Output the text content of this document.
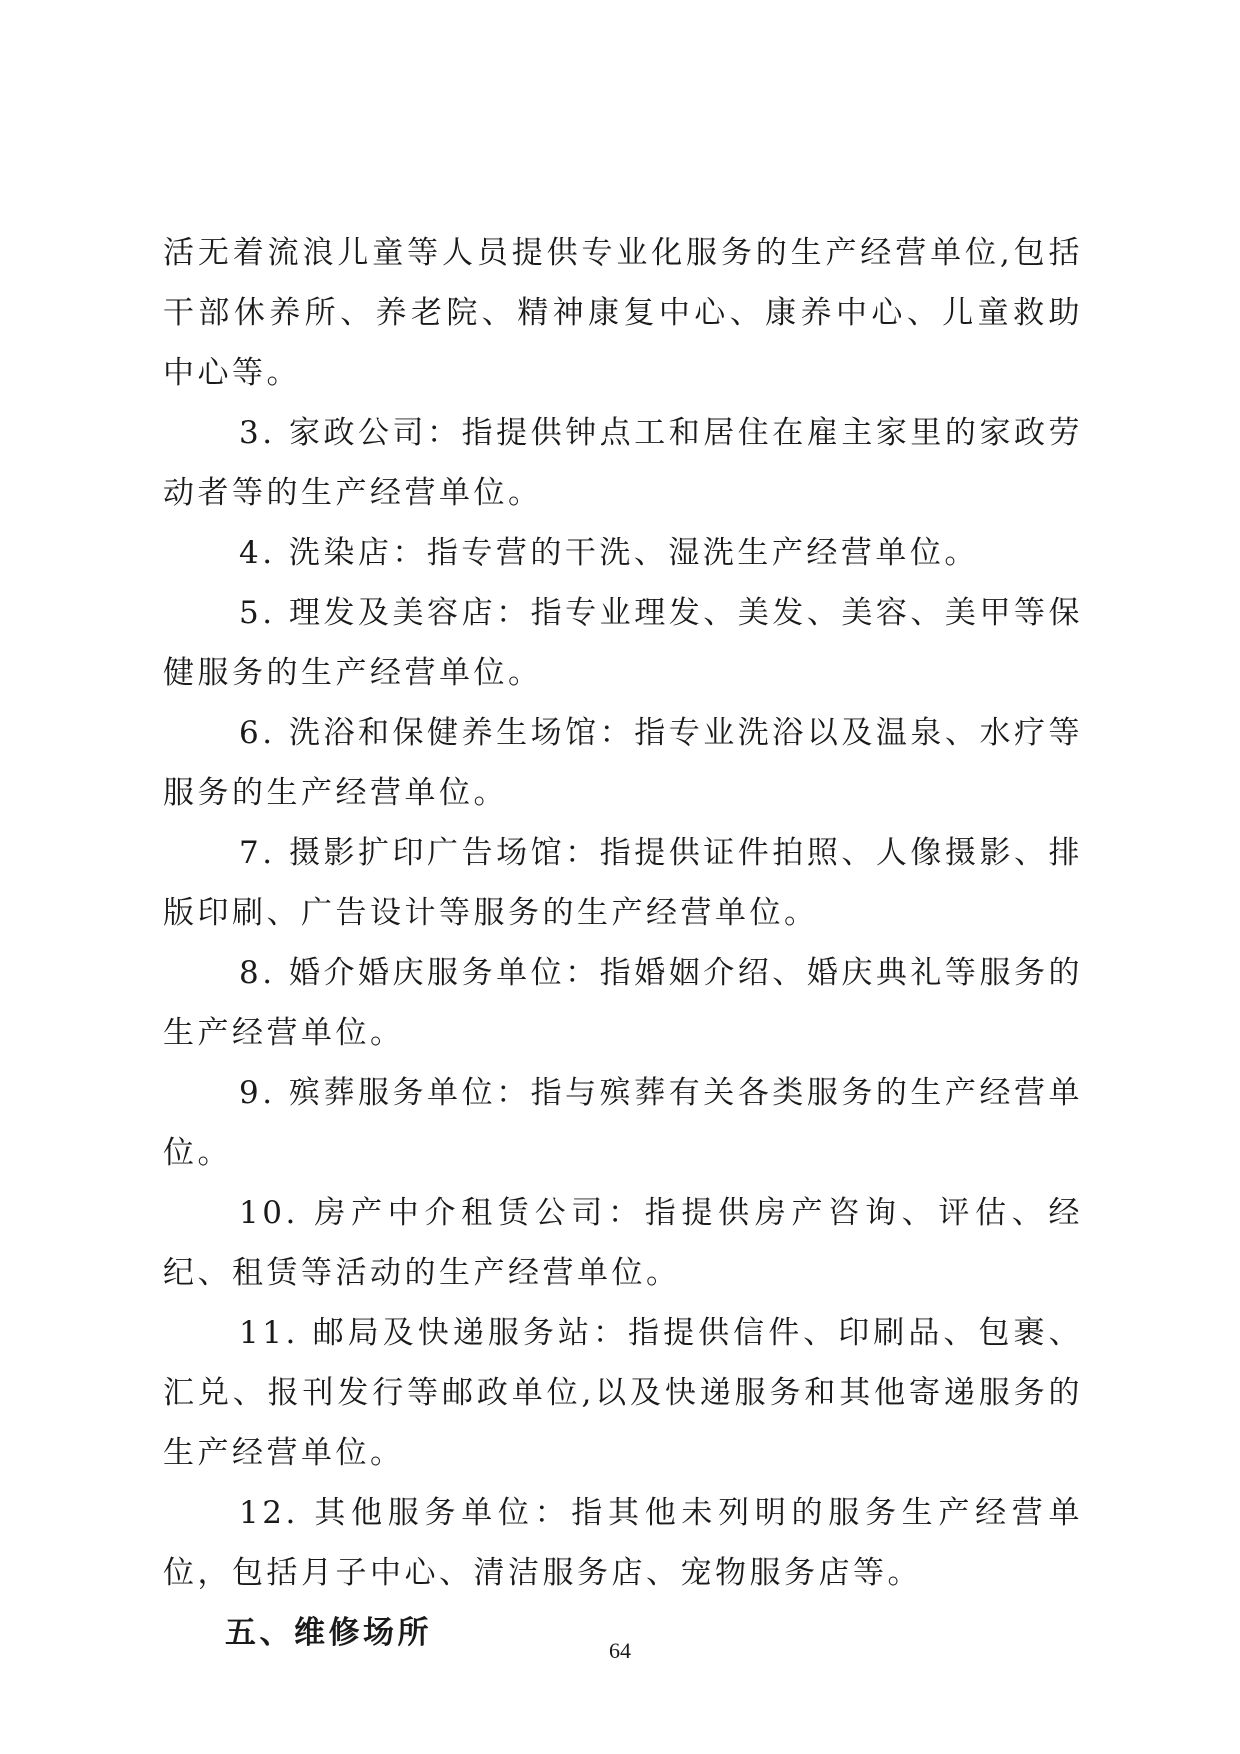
活无着流浪儿童等人员提供专业化服务的生产经营单位,包括干部休养所、养老院、精神康复中心、康养中心、儿童救助中心等。

3. 家政公司：指提供钟点工和居住在雇主家里的家政劳动者等的生产经营单位。

4. 洗染店：指专营的干洗、湿洗生产经营单位。

5. 理发及美容店：指专业理发、美发、美容、美甲等保健服务的生产经营单位。

6. 洗浴和保健养生场馆：指专业洗浴以及温泉、水疗等服务的生产经营单位。

7. 摄影扩印广告场馆：指提供证件拍照、人像摄影、排版印刷、广告设计等服务的生产经营单位。

8. 婚介婚庆服务单位：指婚姻介绍、婚庆典礼等服务的生产经营单位。

9. 殡葬服务单位：指与殡葬有关各类服务的生产经营单位。

10. 房产中介租赁公司：指提供房产咨询、评估、经纪、租赁等活动的生产经营单位。

11. 邮局及快递服务站：指提供信件、印刷品、包裹、汇兑、报刊发行等邮政单位,以及快递服务和其他寄递服务的生产经营单位。

12. 其他服务单位：指其他未列明的服务生产经营单位，包括月子中心、清洁服务店、宠物服务店等。

五、维修场所	64
